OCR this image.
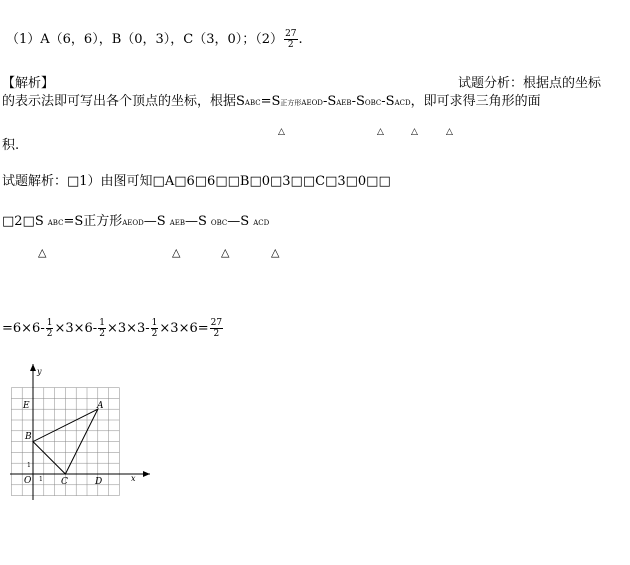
（1）A（6，6），B（0，3），C（3，0）；$(2) \frac{27}{2}$ .
【解析】	试题分析：根据点的坐标
的表示法即可写出各个顶点的坐标，根据SABC=S正方形AEOD-SAEB-SOBC-SACD，即可求得三角形的面
△	△	△	△
积.
试题解析：□1）由图可知□A□6□6□□B□0□3□□C□3□0□□
□2□S ABC=S正方形AEOD—S AEB—S OBC—S ACD
△	△	△	△
$=6\times 6- \frac{1}{2} \times 3\times 6- \frac{1}{2} \times 3\times 3- \frac{1}{2} \times 3\times 6= \frac{27}{2}$
y
x
E	A
B
O	C	D
1
1
